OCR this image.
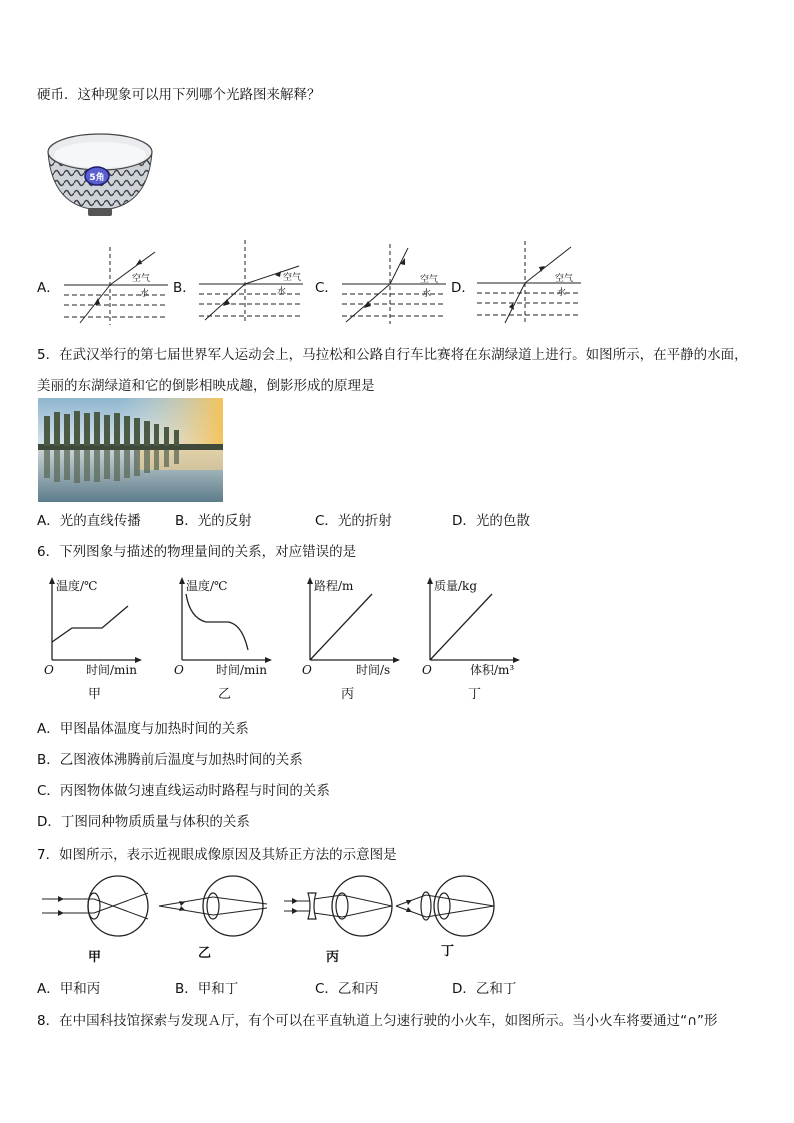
硬币．这种现象可以用下列哪个光路图来解释？
5角
A．
空气
水 B．
空气
水 C．	空气
水 D．
空气
水
5．在武汉举行的第七届世界军人运动会上，马拉松和公路自行车比赛将在东湖绿道上进行。如图所示，在平静的水面，
美丽的东湖绿道和它的倒影相映成趣，倒影形成的原理是
A．光的直线传播	B．光的反射	C．光的折射	D．光的色散
6．下列图象与描述的物理量间的关系，对应错误的是
温度/℃
O	时间/min
甲
温度/℃
O	时间/min
乙
路程/m
O	时间/s
丙
质量/kg
O	体积/m³
丁
A．甲图晶体温度与加热时间的关系
B．乙图液体沸腾前后温度与加热时间的关系
C．丙图物体做匀速直线运动时路程与时间的关系
D．丁图同种物质质量与体积的关系
7．如图所示，表示近视眼成像原因及其矫正方法的示意图是
甲	乙	丙	丁
A．甲和丙	B．甲和丁	C．乙和丙	D．乙和丁
8．在中国科技馆探索与发现Ａ厅，有个可以在平直轨道上匀速行驶的小火车，如图所示。当小火车将要通过“∩”形
